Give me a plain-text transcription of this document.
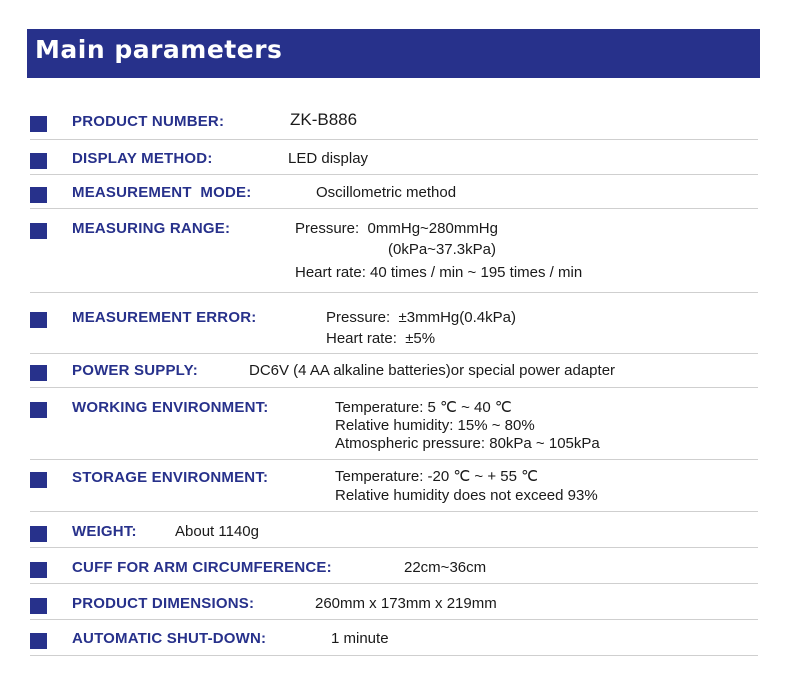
Main parameters
PRODUCT NUMBER:	ZK-B886
DISPLAY METHOD:	LED display
MEASUREMENT  MODE:	Oscillometric method
MEASURING RANGE:	Pressure:  0mmHg~280mmHg
(0kPa~37.3kPa)
Heart rate: 40 times / min ~ 195 times / min
MEASUREMENT ERROR:	Pressure:  ±3mmHg(0.4kPa)
Heart rate:  ±5%
POWER SUPPLY:	DC6V (4 AA alkaline batteries)or special power adapter
WORKING ENVIRONMENT:	Temperature: 5 ℃ ~ 40 ℃
Relative humidity: 15% ~ 80%
Atmospheric pressure: 80kPa ~ 105kPa
STORAGE ENVIRONMENT:	Temperature: -20 ℃ ~ + 55 ℃
Relative humidity does not exceed 93%
WEIGHT:	About 1140g
CUFF FOR ARM CIRCUMFERENCE:	22cm~36cm
PRODUCT DIMENSIONS:	260mm x 173mm x 219mm
AUTOMATIC SHUT-DOWN:	1 minute
